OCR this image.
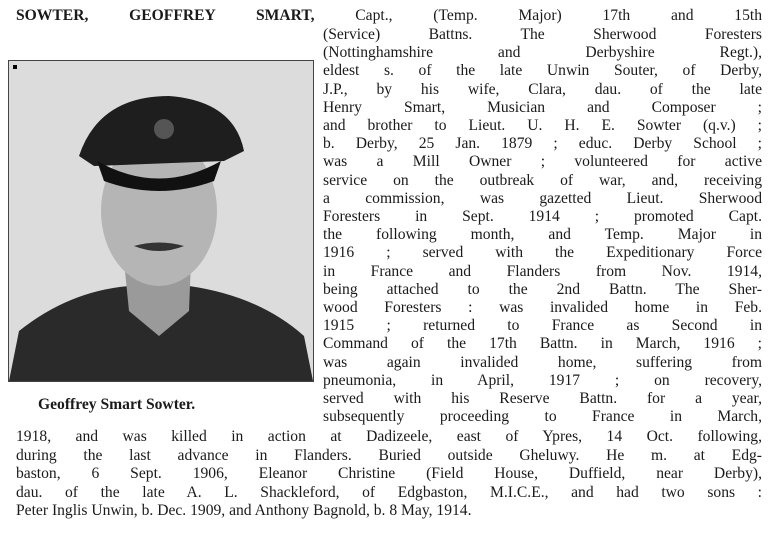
SOWTER, GEOFFREY SMART,	Capt., (Temp. Major) 17th and 15th
(Service) Battns. The Sherwood Foresters
(Nottinghamshire and Derbyshire Regt.),
eldest s. of the late Unwin Souter, of Derby,
J.P., by his wife, Clara, dau. of the late
Henry Smart, Musician and Composer ;
and brother to Lieut. U. H. E. Sowter (q.v.) ;
b. Derby, 25 Jan. 1879 ; educ. Derby School ;
was a Mill Owner ; volunteered for active
service on the outbreak of war, and, receiving
a commission, was gazetted Lieut. Sherwood
Foresters in Sept. 1914 ; promoted Capt.
the following month, and Temp. Major in
1916 ; served with the Expeditionary Force
in France and Flanders from Nov. 1914,
being attached to the 2nd Battn. The Sher-
wood Foresters : was invalided home in Feb.
1915 ; returned to France as Second in
Command of the 17th Battn. in March, 1916 ;
was again invalided home, suffering from
pneumonia, in April, 1917 ; on recovery,
served with his Reserve Battn. for a year,
subsequently proceeding to France in March,
1918, and was killed in action at Dadizeele, east of Ypres, 14 Oct. following,
during the last advance in Flanders. Buried outside Gheluwy. He m. at Edg-
baston, 6 Sept. 1906, Eleanor Christine (Field House, Duffield, near Derby),
dau. of the late A. L. Shackleford, of Edgbaston, M.I.C.E., and had two sons :
Peter Inglis Unwin, b. Dec. 1909, and Anthony Bagnold, b. 8 May, 1914.
Geoffrey Smart Sowter.
